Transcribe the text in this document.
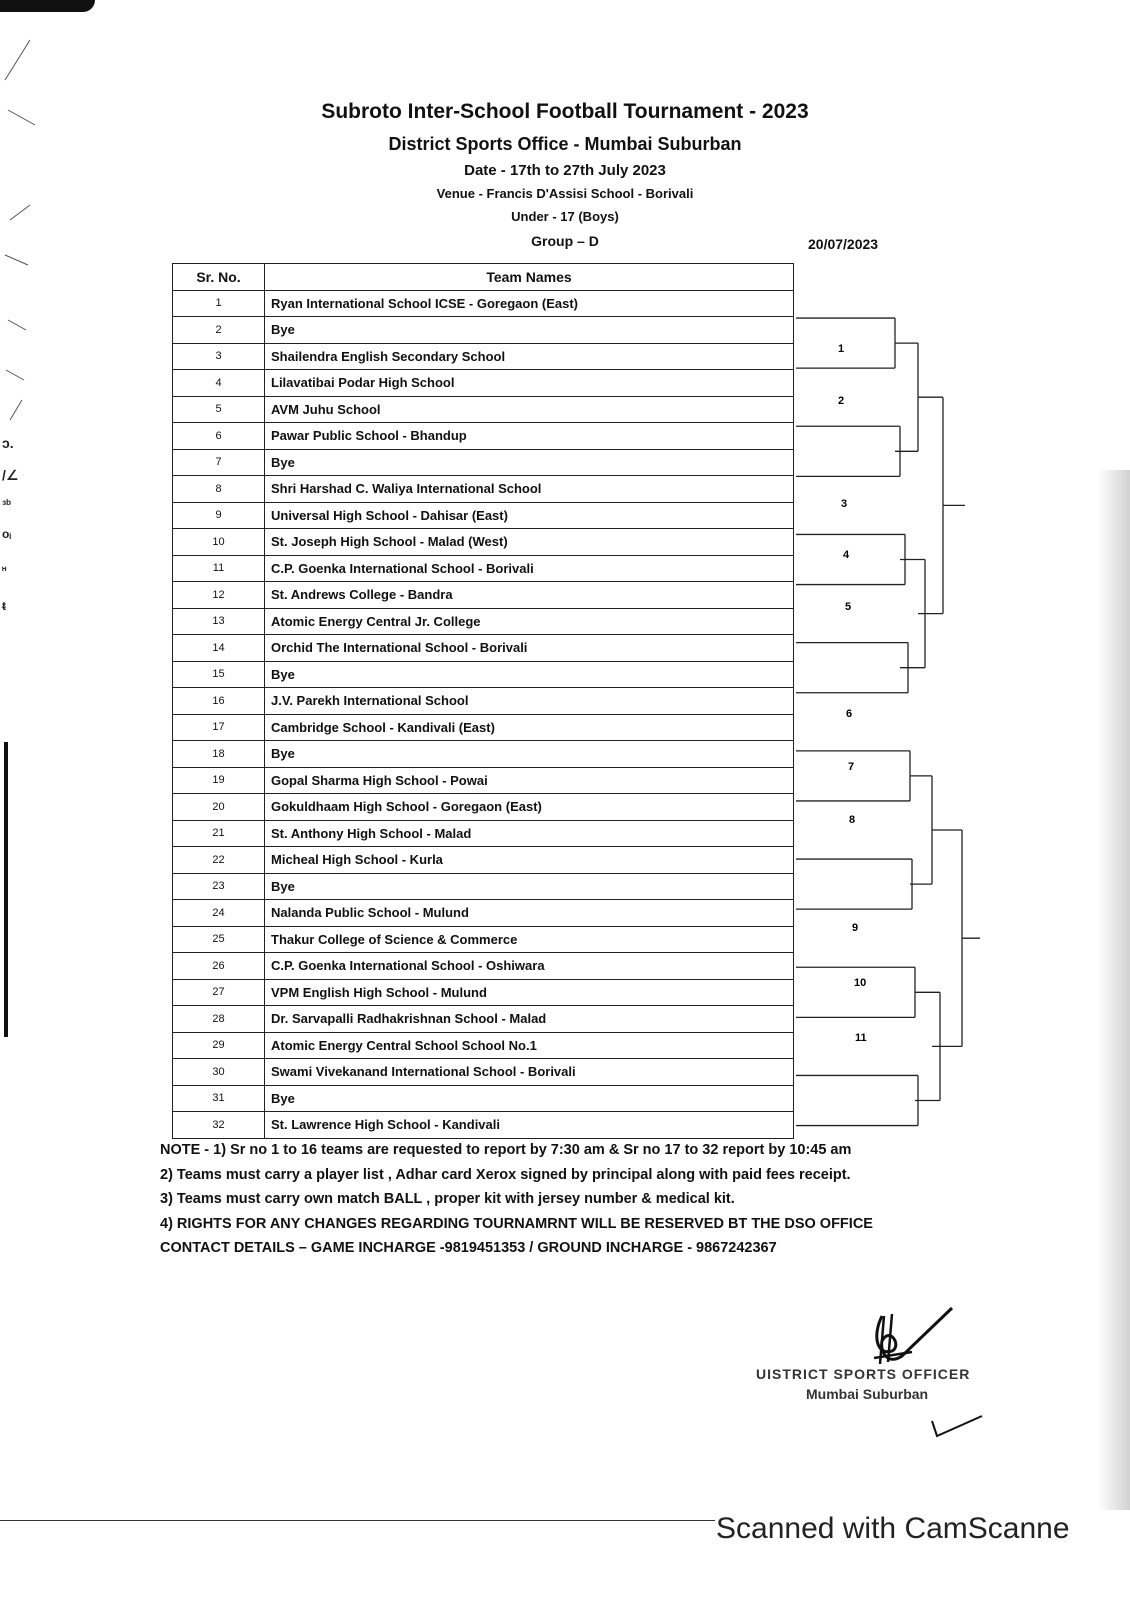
ɔ.
/∠
ᵌᵇ
oᵢ
ᵸ
ᵵ
Subroto Inter-School Football Tournament - 2023
District Sports Office - Mumbai Suburban
Date - 17th to 27th July 2023
Venue - Francis D'Assisi School - Borivali
Under - 17 (Boys)
Group – D	20/07/2023
Sr. No.	Team Names
1	Ryan International School ICSE - Goregaon (East)
2	Bye
3	Shailendra English Secondary School
4	Lilavatibai Podar High School
5	AVM Juhu School
6	Pawar Public School - Bhandup
7	Bye
8	Shri Harshad C. Waliya International School
9	Universal High School - Dahisar (East)
10	St. Joseph High School - Malad (West)
11	C.P. Goenka International School - Borivali
12	St. Andrews College - Bandra
13	Atomic Energy Central Jr. College
14	Orchid The International School - Borivali
15	Bye
16	J.V. Parekh International School
17	Cambridge School - Kandivali (East)
18	Bye
19	Gopal Sharma High School - Powai
20	Gokuldhaam High School - Goregaon (East)
21	St. Anthony High School - Malad
22	Micheal High School - Kurla
23	Bye
24	Nalanda Public School - Mulund
25	Thakur College of Science & Commerce
26	C.P. Goenka International School - Oshiwara
27	VPM English High School - Mulund
28	Dr. Sarvapalli Radhakrishnan School - Malad
29	Atomic Energy Central School School No.1
30	Swami Vivekanand International School - Borivali
31	Bye
32	St. Lawrence High School - Kandivali
1
2
3
4
5
6
7
8
9
10
11
NOTE - 1) Sr no 1 to 16 teams are requested to report by 7:30 am & Sr no 17 to 32 report by 10:45 am
2) Teams must carry a player list , Adhar card Xerox signed by principal along with paid fees receipt.
3) Teams must carry own match BALL , proper kit with jersey number & medical kit.
4) RIGHTS FOR ANY CHANGES REGARDING TOURNAMRNT WILL BE RESERVED BT THE DSO OFFICE
CONTACT DETAILS – GAME INCHARGE -9819451353 / GROUND INCHARGE - 9867242367
UISTRICT SPORTS OFFICER
Mumbai Suburban
Scanned with CamScanne
